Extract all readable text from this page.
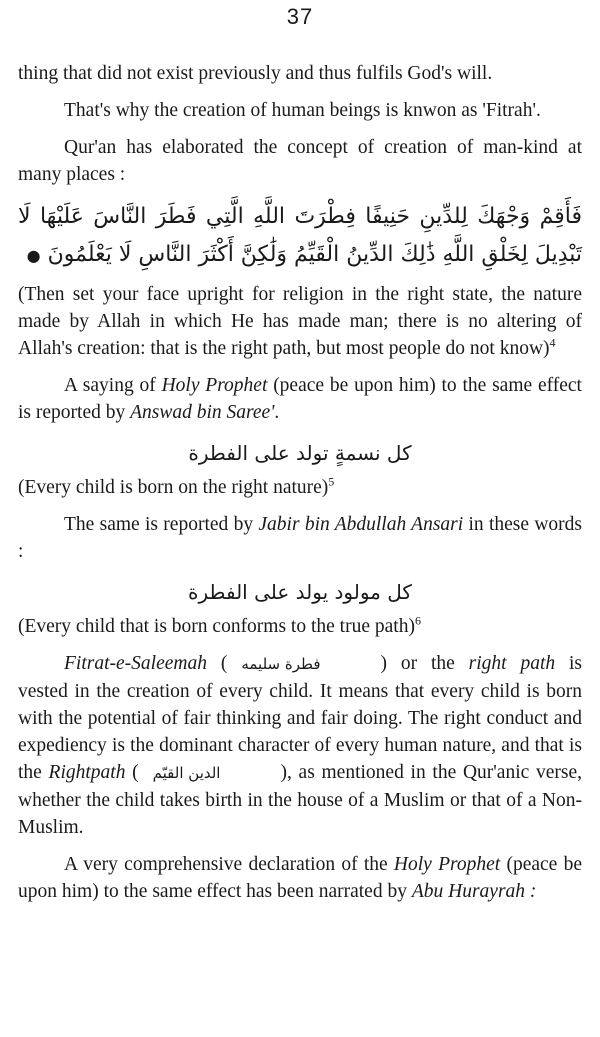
37

thing that did not exist previously and thus fulfils God's will.

That's why the creation of human beings is knwon as 'Fitrah'.

Qur'an has elaborated the concept of creation of man-kind at many places :

فَأَقِمْ وَجْهَكَ لِلدِّينِ حَنِيفًا فِطْرَتَ اللَّهِ الَّتِي فَطَرَ النَّاسَ عَلَيْهَا لَا تَبْدِيلَ لِخَلْقِ اللَّهِ ذَٰلِكَ الدِّينُ الْقَيِّمُ وَلَٰكِنَّ أَكْثَرَ النَّاسِ لَا يَعْلَمُونَ ●

(Then set your face upright for religion in the right state, the nature made by Allah in which He has made man; there is no altering of Allah's creation: that is the right path, but most people do not know)$^4$

A saying of Holy Prophet (peace be upon him) to the same effect is reported by Answad bin Saree'.

كل نسمةٍ تولد على الفطرة

(Every child is born on the right nature)$^5$

The same is reported by Jabir bin Abdullah Ansari in these words :

كل مولود يولد على الفطرة

(Every child that is born conforms to the true path)$^6$

Fitrat-e-Saleemah ( فطرة سليمه	) or the right path is vested in the creation of every child. It means that every child is born with the potential of fair thinking and fair doing. The right conduct and expediency is the dominant character of every human nature, and that is the Rightpath ( الدين القيّم	), as mentioned in the Qur'anic verse, whether the child takes birth in the house of a Muslim or that of a Non-Muslim.

A very comprehensive declaration of the Holy Prophet (peace be upon him) to the same effect has been narrated by Abu Hurayrah :
